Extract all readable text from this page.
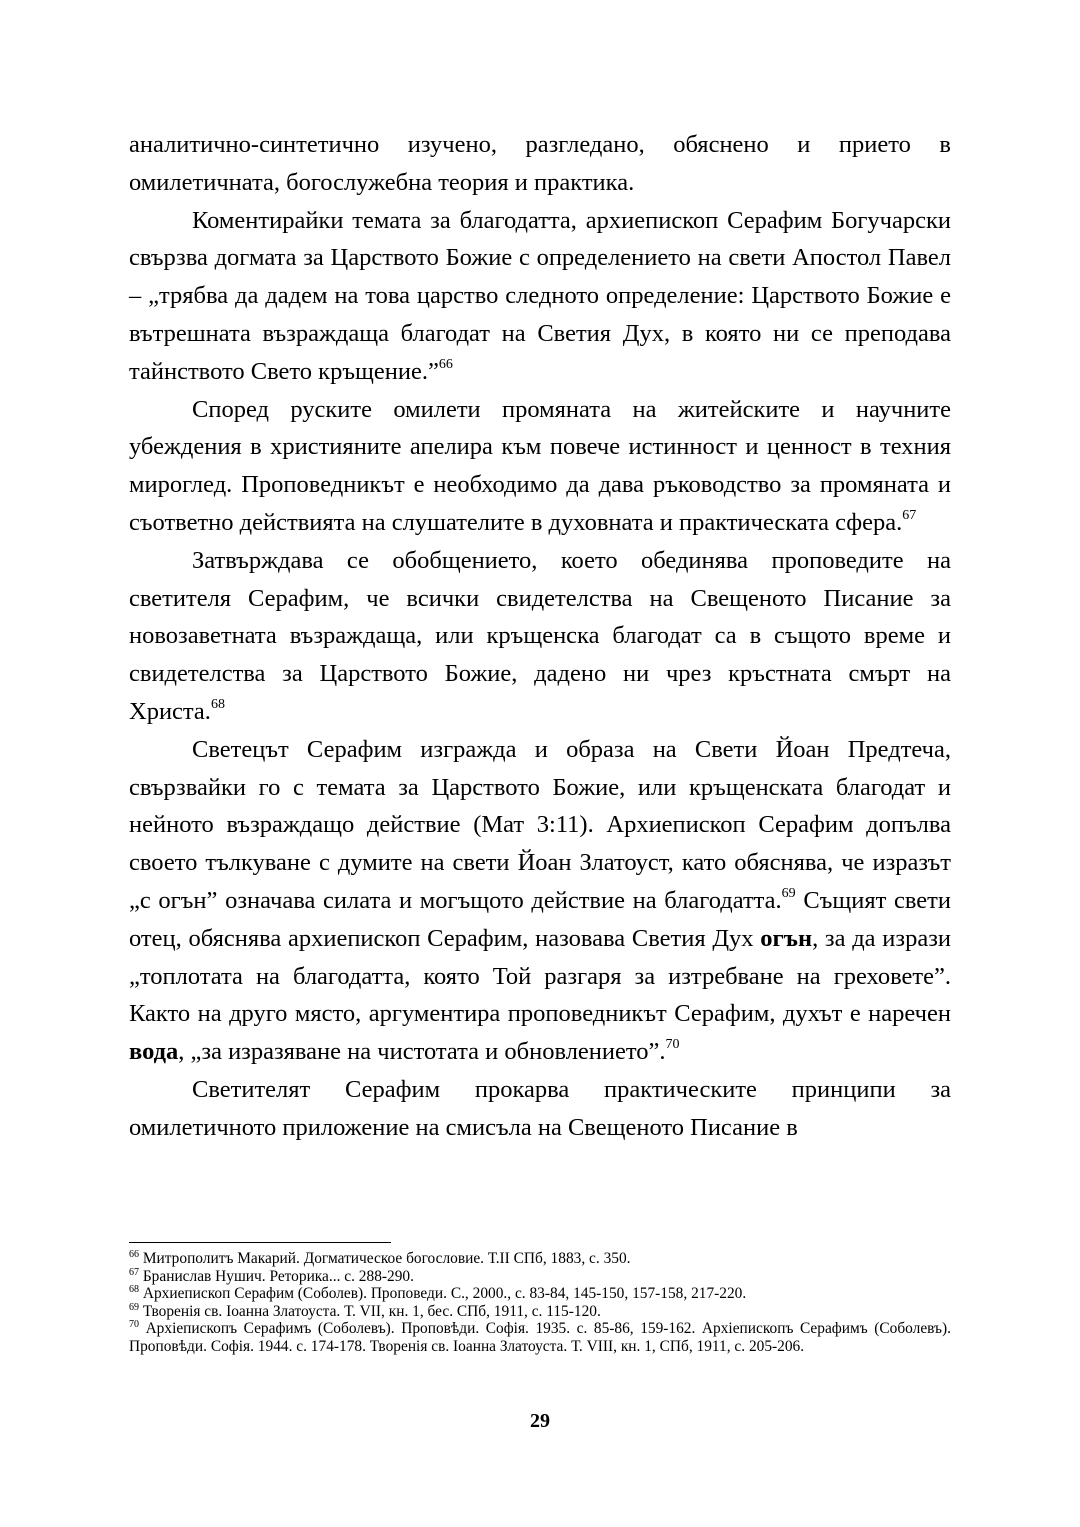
аналитично-синтетично изучено, разгледано, обяснено и прието в омилетичната, богослужебна теория и практика.

Коментирайки темата за благодатта, архиепископ Серафим Богучарски свързва догмата за Царството Божие с определението на свети Апостол Павел – „трябва да дадем на това царство следното определение: Царството Божие е вътрешната възраждаща благодат на Светия Дух, в която ни се преподава тайнството Свето кръщение.”$^{66}$

Според руските омилети промяната на житейските и научните убеждения в християните апелира към повече истинност и ценност в техния мироглед. Проповедникът е необходимо да дава ръководство за промяната и съответно действията на слушателите в духовната и практическата сфера.$^{67}$

Затвърждава се обобщението, което обединява проповедите на светителя Серафим, че всички свидетелства на Свещеното Писание за новозаветната възраждаща, или кръщенска благодат са в същото време и свидетелства за Царството Божие, дадено ни чрез кръстната смърт на Христа.$^{68}$

Светецът Серафим изгражда и образа на Свети Йоан Предтеча, свързвайки го с темата за Царството Божие, или кръщенската благодат и нейното възраждащо действие (Мат 3:11). Архиепископ Серафим допълва своето тълкуване с думите на свети Йоан Златоуст, като обяснява, че изразът „с огън” означава силата и могъщото действие на благодатта.$^{69}$ Същият свети отец, обяснява архиепископ Серафим, назовава Светия Дух огън, за да изрази „топлотата на благодатта, която Той разгаря за изтребване на греховете”. Както на друго място, аргументира проповедникът Серафим, духът е наречен вода, „за изразяване на чистотата и обновлението”.$^{70}$

Светителят Серафим прокарва практическите принципи за омилетичното приложение на смисъла на Свещеното Писание в

$^{66}$ Митрополитъ Макарий. Догматическое богословие. Т.II СПб, 1883, с. 350.

$^{67}$ Бранислав Нушич. Реторика... с. 288-290.

$^{68}$ Архиепископ Серафим (Соболев). Проповеди. С., 2000., с. 83-84, 145-150, 157-158, 217-220.

$^{69}$ Творенiя св. Iоанна Златоуста. Т. VII, кн. 1, бес. СПб, 1911, с. 115-120.

$^{70}$ Архiепископъ Серафимъ (Соболевъ). Проповѣди. Софiя. 1935. с. 85-86, 159-162. Архiепископъ Серафимъ (Соболевъ). Проповѣди. Софiя. 1944. с. 174-178. Творенiя св. Iоанна Златоуста. Т. VIII, кн. 1, СПб, 1911, с. 205-206.

29
